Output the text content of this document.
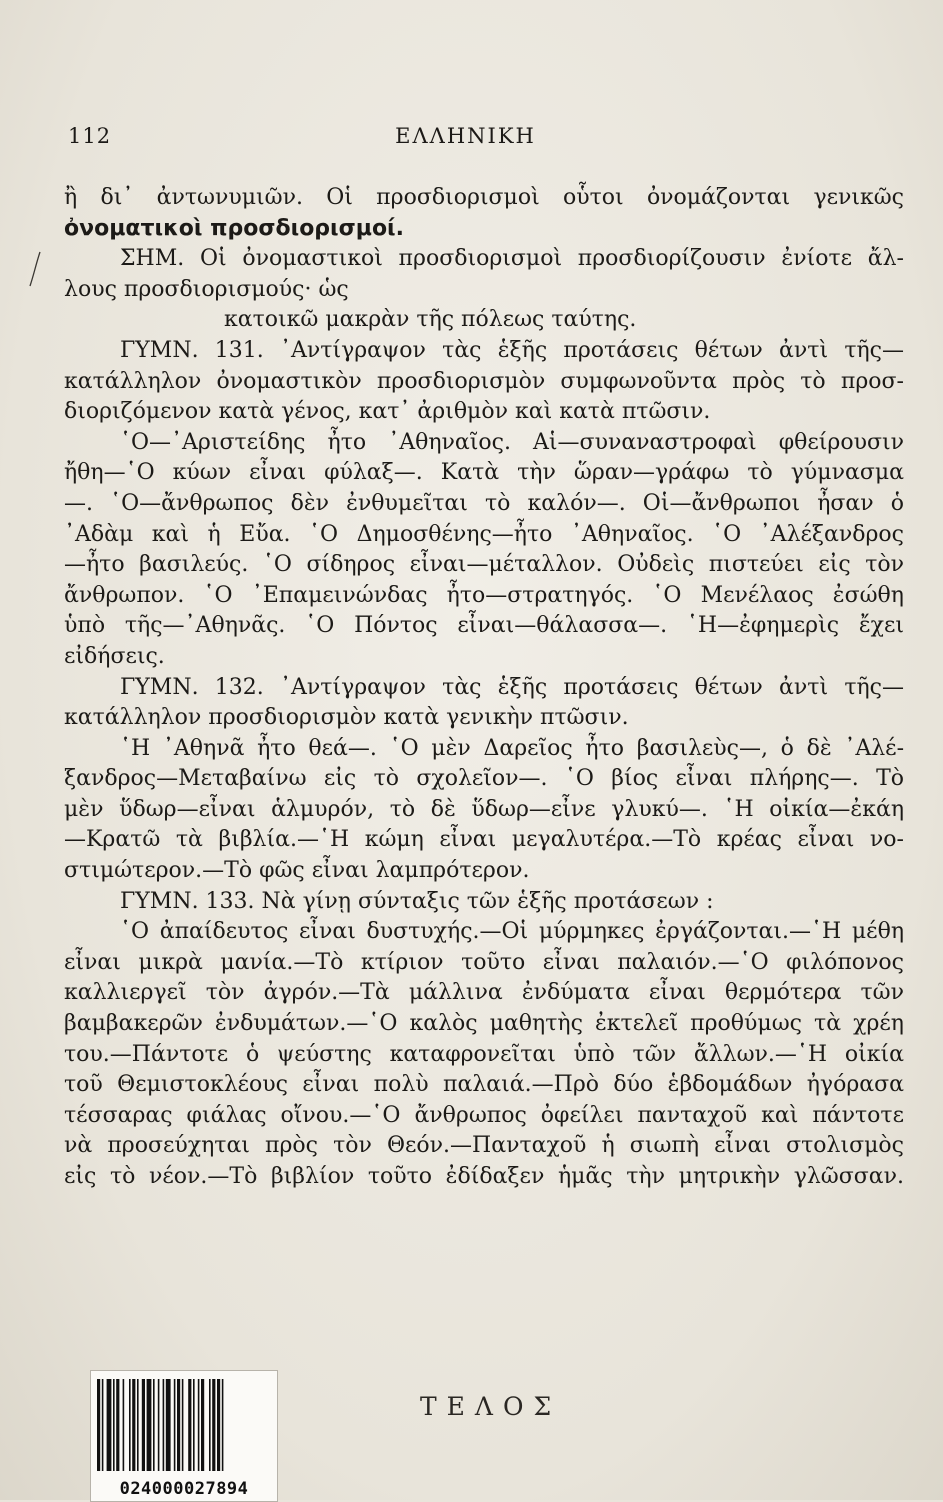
112	ΕΛΛΗΝΙΚΗ
ἢ δι᾿ ἀντωνυμιῶν. Οἱ προσδιορισμοὶ οὗτοι ὀνομάζονται γενικῶς
ὀνοματικοὶ προσδιορισμοί.
ΣΗΜ. Οἱ ὀνομαστικοὶ προσδιορισμοὶ προσδιορίζουσιν ἐνίοτε ἄλ-
λους προσδιορισμούς· ὡς
κατοικῶ μακρὰν τῆς πόλεως ταύτης.
ΓΥΜΝ. 131. ᾿Αντίγραψον τὰς ἑξῆς προτάσεις θέτων ἀντὶ τῆς—
κατάλληλον ὀνομαστικὸν προσδιορισμὸν συμφωνοῦντα πρὸς τὸ προσ-
διοριζόμενον κατὰ γένος, κατ᾿ ἀριθμὸν καὶ κατὰ πτῶσιν.
῾Ο—᾿Αριστείδης ἦτο ᾿Αθηναῖος. Αἱ—συναναστροφαὶ φθείρουσιν
ἤθη—῾Ο κύων εἶναι φύλαξ—. Κατὰ τὴν ὥραν—γράφω τὸ γύμνασμα
—. ῾Ο—ἄνθρωπος δὲν ἐνθυμεῖται τὸ καλόν—. Οἱ—ἄνθρωποι ἦσαν ὁ
᾿Αδὰμ καὶ ἡ Εὔα. ῾Ο Δημοσθένης—ἦτο ᾿Αθηναῖος. ῾Ο ᾿Αλέξανδρος
—ἦτο βασιλεύς. ῾Ο σίδηρος εἶναι—μέταλλον. Οὐδεὶς πιστεύει εἰς τὸν
ἄνθρωπον. ῾Ο ᾿Επαμεινώνδας ἦτο—στρατηγός. ῾Ο Μενέλαος ἐσώθη
ὑπὸ τῆς—᾿Αθηνᾶς. ῾Ο Πόντος εἶναι—θάλασσα—. ῾Η—ἐφημερὶς ἔχει
εἰδήσεις.
ΓΥΜΝ. 132. ᾿Αντίγραψον τὰς ἑξῆς προτάσεις θέτων ἀντὶ τῆς—
κατάλληλον προσδιορισμὸν κατὰ γενικὴν πτῶσιν.
῾Η ᾿Αθηνᾶ ἦτο θεά—. ῾Ο μὲν Δαρεῖος ἦτο βασιλεὺς—, ὁ δὲ ᾿Αλέ-
ξανδρος—Μεταβαίνω εἰς τὸ σχολεῖον—. ῾Ο βίος εἶναι πλήρης—. Τὸ
μὲν ὕδωρ—εἶναι ἁλμυρόν, τὸ δὲ ὕδωρ—εἶνε γλυκύ—. ῾Η οἰκία—ἐκάη
—Κρατῶ τὰ βιβλία.—῾Η κώμη εἶναι μεγαλυτέρα.—Τὸ κρέας εἶναι νο-
στιμώτερον.—Τὸ φῶς εἶναι λαμπρότερον.
ΓΥΜΝ. 133. Νὰ γίνῃ σύνταξις τῶν ἑξῆς προτάσεων :
῾Ο ἀπαίδευτος εἶναι δυστυχής.—Οἱ μύρμηκες ἐργάζονται.—῾Η μέθη
εἶναι μικρὰ μανία.—Τὸ κτίριον τοῦτο εἶναι παλαιόν.—῾Ο φιλόπονος
καλλιεργεῖ τὸν ἀγρόν.—Τὰ μάλλινα ἐνδύματα εἶναι θερμότερα τῶν
βαμβακερῶν ἐνδυμάτων.—῾Ο καλὸς μαθητὴς ἐκτελεῖ προθύμως τὰ χρέη
του.—Πάντοτε ὁ ψεύστης καταφρονεῖται ὑπὸ τῶν ἄλλων.—῾Η οἰκία
τοῦ Θεμιστοκλέους εἶναι πολὺ παλαιά.—Πρὸ δύο ἑβδομάδων ἠγόρασα
τέσσαρας φιάλας οἴνου.—῾Ο ἄνθρωπος ὀφείλει πανταχοῦ καὶ πάντοτε
νὰ προσεύχηται πρὸς τὸν Θεόν.—Πανταχοῦ ἡ σιωπὴ εἶναι στολισμὸς
εἰς τὸ νέον.—Τὸ βιβλίον τοῦτο ἐδίδαξεν ἡμᾶς τὴν μητρικὴν γλῶσσαν.
ΤΕΛΟΣ
024000027894
